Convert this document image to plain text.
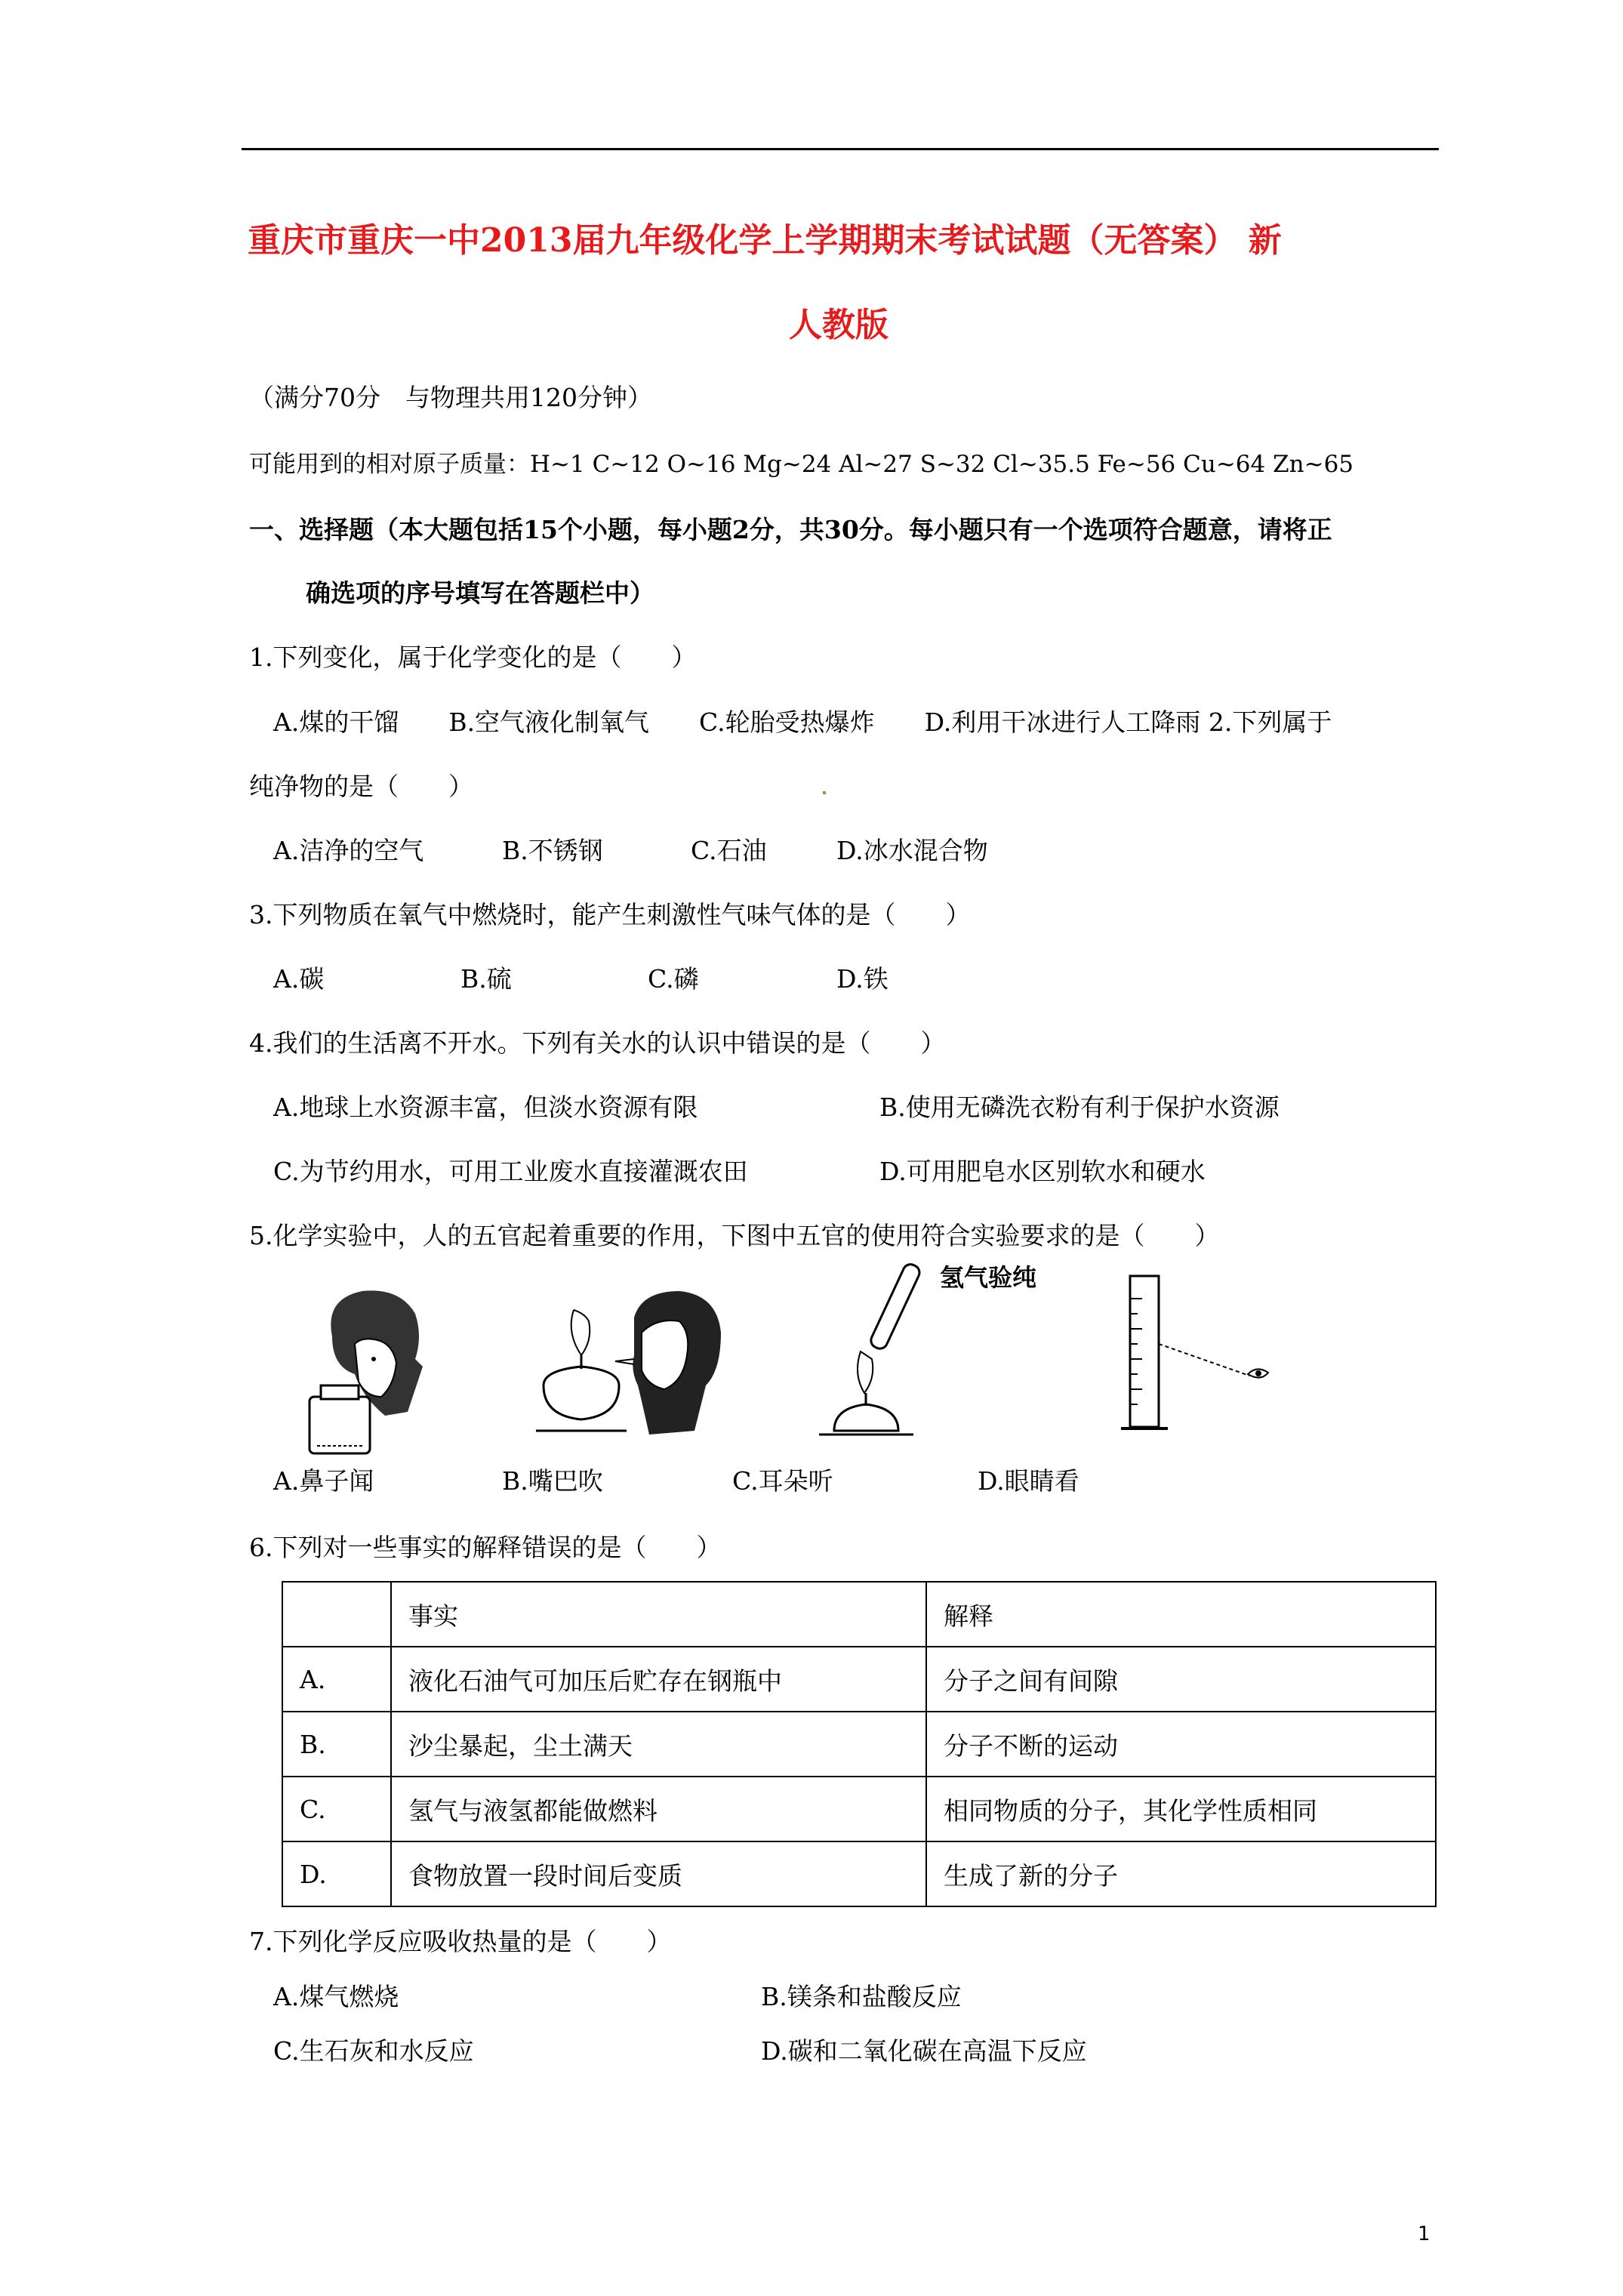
重庆市重庆一中2013届九年级化学上学期期末考试试题（无答案） 新
人教版
（满分70分　与物理共用120分钟）
可能用到的相对原子质量：H~1 C~12 O~16 Mg~24 Al~27 S~32 Cl~35.5 Fe~56 Cu~64 Zn~65
一、选择题（本大题包括15个小题，每小题2分，共30分。每小题只有一个选项符合题意，请将正
确选项的序号填写在答题栏中）
1.下列变化，属于化学变化的是（　　）
A.煤的干馏　　B.空气液化制氧气　　C.轮胎受热爆炸　　D.利用干冰进行人工降雨 2.下列属于
纯净物的是（　　）
A.洁净的空气	B.不锈钢	C.石油	D.冰水混合物
3.下列物质在氧气中燃烧时，能产生刺激性气味气体的是（　　）
A.碳	B.硫	C.磷	D.铁
4.我们的生活离不开水。下列有关水的认识中错误的是（　　）
A.地球上水资源丰富，但淡水资源有限	B.使用无磷洗衣粉有利于保护水资源
C.为节约用水，可用工业废水直接灌溉农田	D.可用肥皂水区别软水和硬水
5.化学实验中，人的五官起着重要的作用，下图中五官的使用符合实验要求的是（　　）
氢气验纯
A.鼻子闻	B.嘴巴吹	C.耳朵听	D.眼睛看
6.下列对一些事实的解释错误的是（　　）
	事实	解释
A.	液化石油气可加压后贮存在钢瓶中	分子之间有间隙
B.	沙尘暴起，尘土满天	分子不断的运动
C.	氢气与液氢都能做燃料	相同物质的分子，其化学性质相同
D.	食物放置一段时间后变质	生成了新的分子
7.下列化学反应吸收热量的是（　　）
A.煤气燃烧	B.镁条和盐酸反应
C.生石灰和水反应	D.碳和二氧化碳在高温下反应
1
